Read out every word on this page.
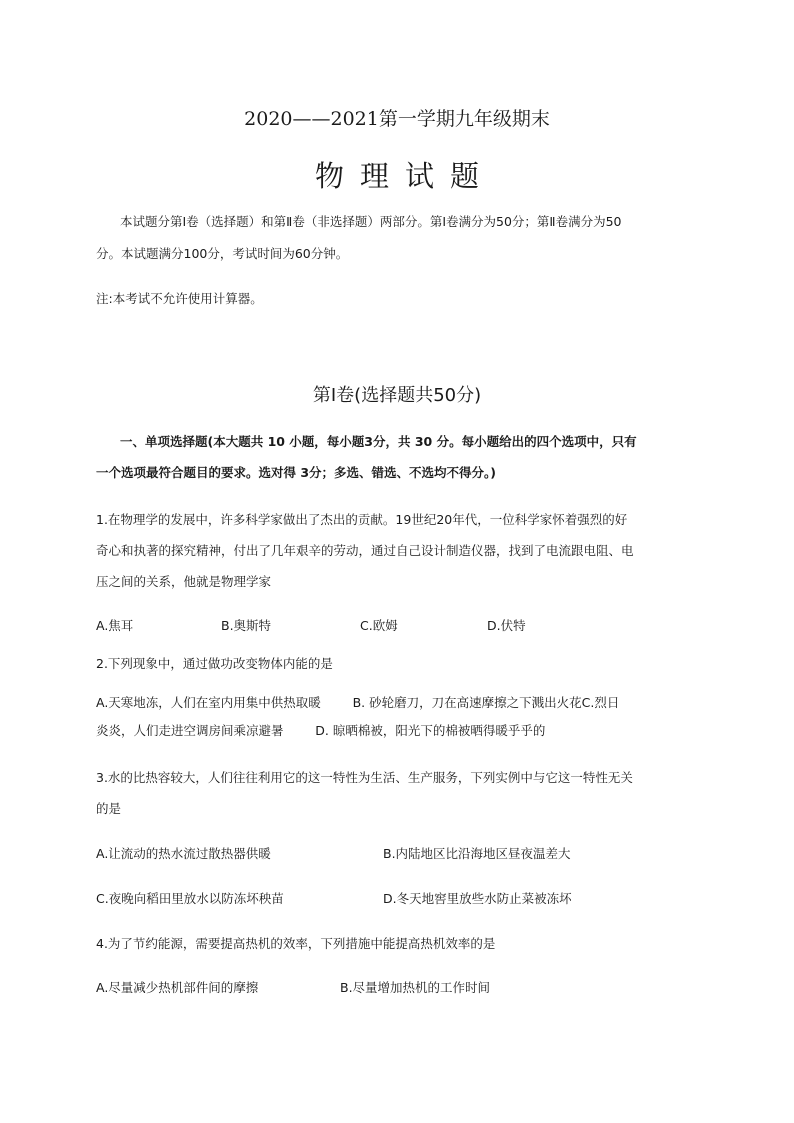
2020——2021第一学期九年级期末
物理试题
本试题分第Ⅰ卷（选择题）和第Ⅱ卷（非选择题）两部分。第Ⅰ卷满分为50分；第Ⅱ卷满分为50
分。本试题满分100分，考试时间为60分钟。
注:本考试不允许使用计算器。
第Ⅰ卷(选择题共50分)
一、单项选择题(本大题共 10 小题，每小题3分，共 30 分。每小题给出的四个选项中，只有
一个选项最符合题目的要求。选对得 3分；多选、错选、不选均不得分。)
1.在物理学的发展中，许多科学家做出了杰出的贡献。19世纪20年代，一位科学家怀着强烈的好
奇心和执著的探究精神，付出了几年艰辛的劳动，通过自己设计制造仪器，找到了电流跟电阻、电
压之间的关系，他就是物理学家
A.焦耳	B.奥斯特	C.欧姆	D.伏特
2.下列现象中，通过做功改变物体内能的是
A.天寒地冻，人们在室内用集中供热取暖        B. 砂轮磨刀，刀在高速摩擦之下溅出火花C.烈日
炎炎，人们走进空调房间乘凉避暑        D. 晾晒棉被，阳光下的棉被晒得暖乎乎的
3.水的比热容较大，人们往往利用它的这一特性为生活、生产服务，下列实例中与它这一特性无关
的是
A.让流动的热水流过散热器供暖	B.内陆地区比沿海地区昼夜温差大
C.夜晚向稻田里放水以防冻坏秧苗	D.冬天地窖里放些水防止菜被冻坏
4.为了节约能源，需要提高热机的效率，下列措施中能提高热机效率的是
A.尽量减少热机部件间的摩擦	B.尽量增加热机的工作时间
